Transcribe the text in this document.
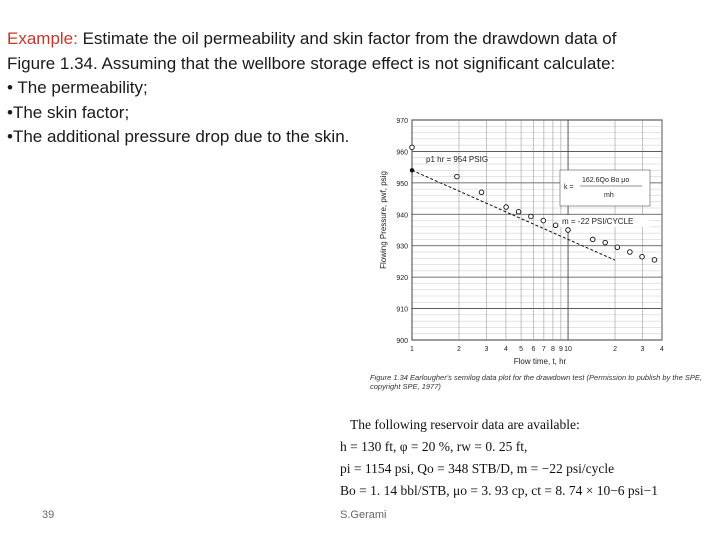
Example: Estimate the oil permeability and skin factor from the drawdown data of
Figure 1.34. Assuming that the wellbore storage effect is not significant calculate:
• The permeability;
•The skin factor;
•The additional pressure drop due to the skin.
900
910
920
930
940
950
960
970
1	2	3 4 5 6 7 8 9 10	2	3 4
Flowing Pressure, pwf, psig
Flow time, t, hr
p1 hr = 954 PSIG
162.6Qo Bo μo
k =
mh
m = -22 PSI/CYCLE
Figure 1.34 Earlougher's semilog data plot for the drawdown test (Permission to publish by the SPE, copyright SPE, 1977)
The following reservoir data are available:
h = 130 ft, φ = 20 %, rw = 0. 25 ft,
pi = 1154 psi, Qo = 348 STB/D, m = −22 psi/cycle
Bo = 1. 14 bbl/STB, μo = 3. 93 cp, ct = 8. 74 × 10−6 psi−1
39	S.Gerami
